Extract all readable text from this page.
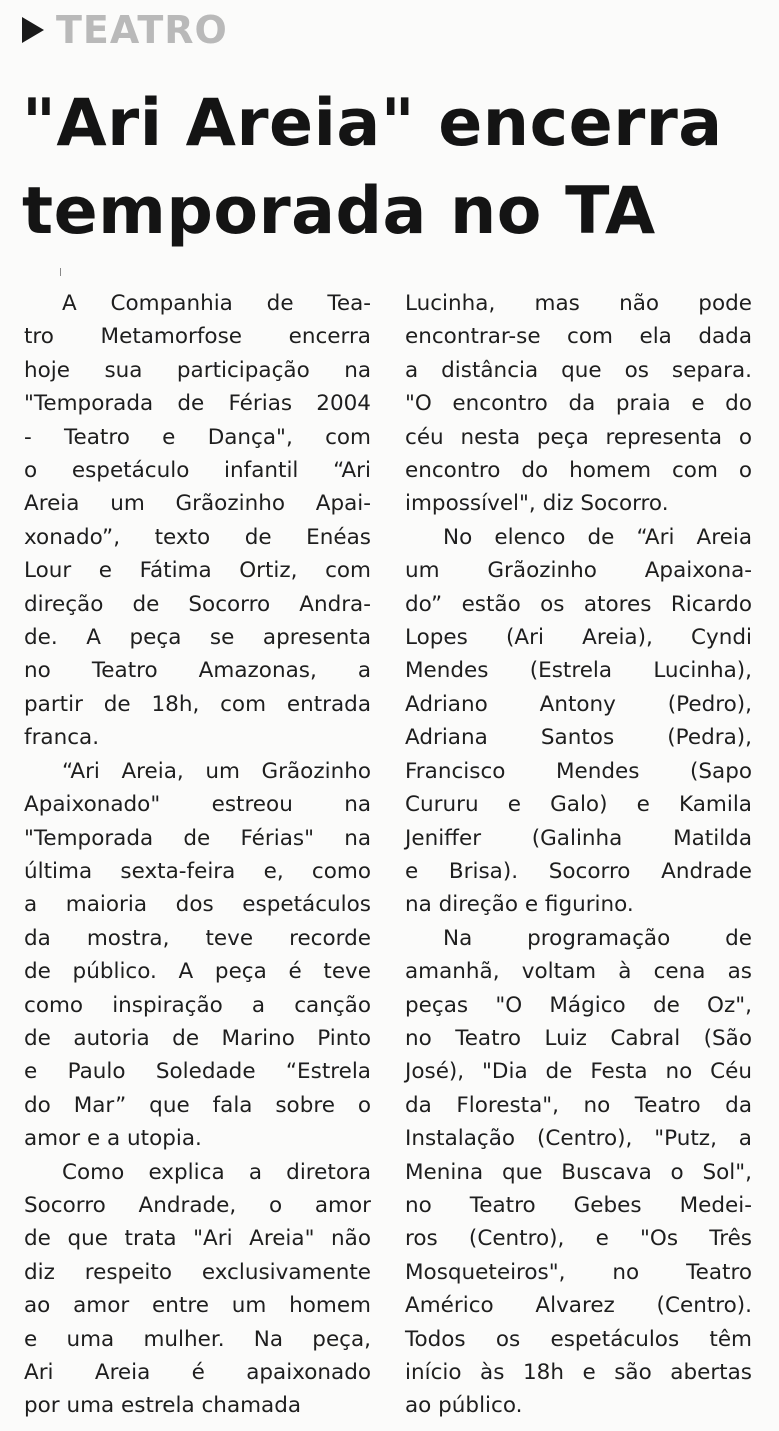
TEATRO
"Ari Areia" encerra
temporada no TA

A Companhia de Tea-
tro Metamorfose encerra
hoje sua participação na
"Temporada de Férias 2004
- Teatro e Dança", com
o espetáculo infantil “Ari
Areia um Grãozinho Apai-
xonado”, texto de Enéas
Lour e Fátima Ortiz, com
direção de Socorro Andra-
de. A peça se apresenta
no Teatro Amazonas, a
partir de 18h, com entrada
franca.

“Ari Areia, um Grãozinho
Apaixonado" estreou na
"Temporada de Férias" na
última sexta-feira e, como
a maioria dos espetáculos
da mostra, teve recorde
de público. A peça é teve
como inspiração a canção
de autoria de Marino Pinto
e Paulo Soledade “Estrela
do Mar” que fala sobre o
amor e a utopia.

Como explica a diretora
Socorro Andrade, o amor
de que trata "Ari Areia" não
diz respeito exclusivamente
ao amor entre um homem
e uma mulher. Na peça,
Ari Areia é apaixonado
por uma estrela chamada

Lucinha, mas não pode
encontrar-se com ela dada
a distância que os separa.
"O encontro da praia e do
céu nesta peça representa o
encontro do homem com o
impossível", diz Socorro.

No elenco de “Ari Areia
um Grãozinho Apaixona-
do” estão os atores Ricardo
Lopes (Ari Areia), Cyndi
Mendes (Estrela Lucinha),
Adriano Antony (Pedro),
Adriana Santos (Pedra),
Francisco Mendes (Sapo
Cururu e Galo) e Kamila
Jeniffer (Galinha Matilda
e Brisa). Socorro Andrade
na direção e figurino.

Na programação de
amanhã, voltam à cena as
peças "O Mágico de Oz",
no Teatro Luiz Cabral (São
José), "Dia de Festa no Céu
da Floresta", no Teatro da
Instalação (Centro), "Putz, a
Menina que Buscava o Sol",
no Teatro Gebes Medei-
ros (Centro), e "Os Três
Mosqueteiros", no Teatro
Américo Alvarez (Centro).
Todos os espetáculos têm
início às 18h e são abertas
ao público.
